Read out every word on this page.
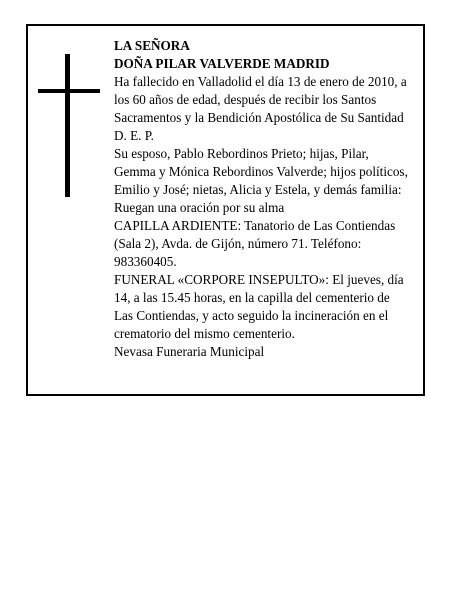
LA SEÑORA
DOÑA PILAR VALVERDE MADRID
Ha fallecido en Valladolid el día 13 de enero de 2010, a
los 60 años de edad, después de recibir los Santos
Sacramentos y la Bendición Apostólica de Su Santidad
D. E. P.
Su esposo, Pablo Rebordinos Prieto; hijas, Pilar,
Gemma y Mónica Rebordinos Valverde; hijos políticos,
Emilio y José; nietas, Alicia y Estela, y demás familia:
Ruegan una oración por su alma
CAPILLA ARDIENTE: Tanatorio de Las Contiendas
(Sala 2), Avda. de Gijón, número 71. Teléfono:
983360405.
FUNERAL «CORPORE INSEPULTO»: El jueves, día
14, a las 15.45 horas, en la capilla del cementerio de
Las Contiendas, y acto seguido la incineración en el
crematorio del mismo cementerio.
Nevasa Funeraria Municipal
